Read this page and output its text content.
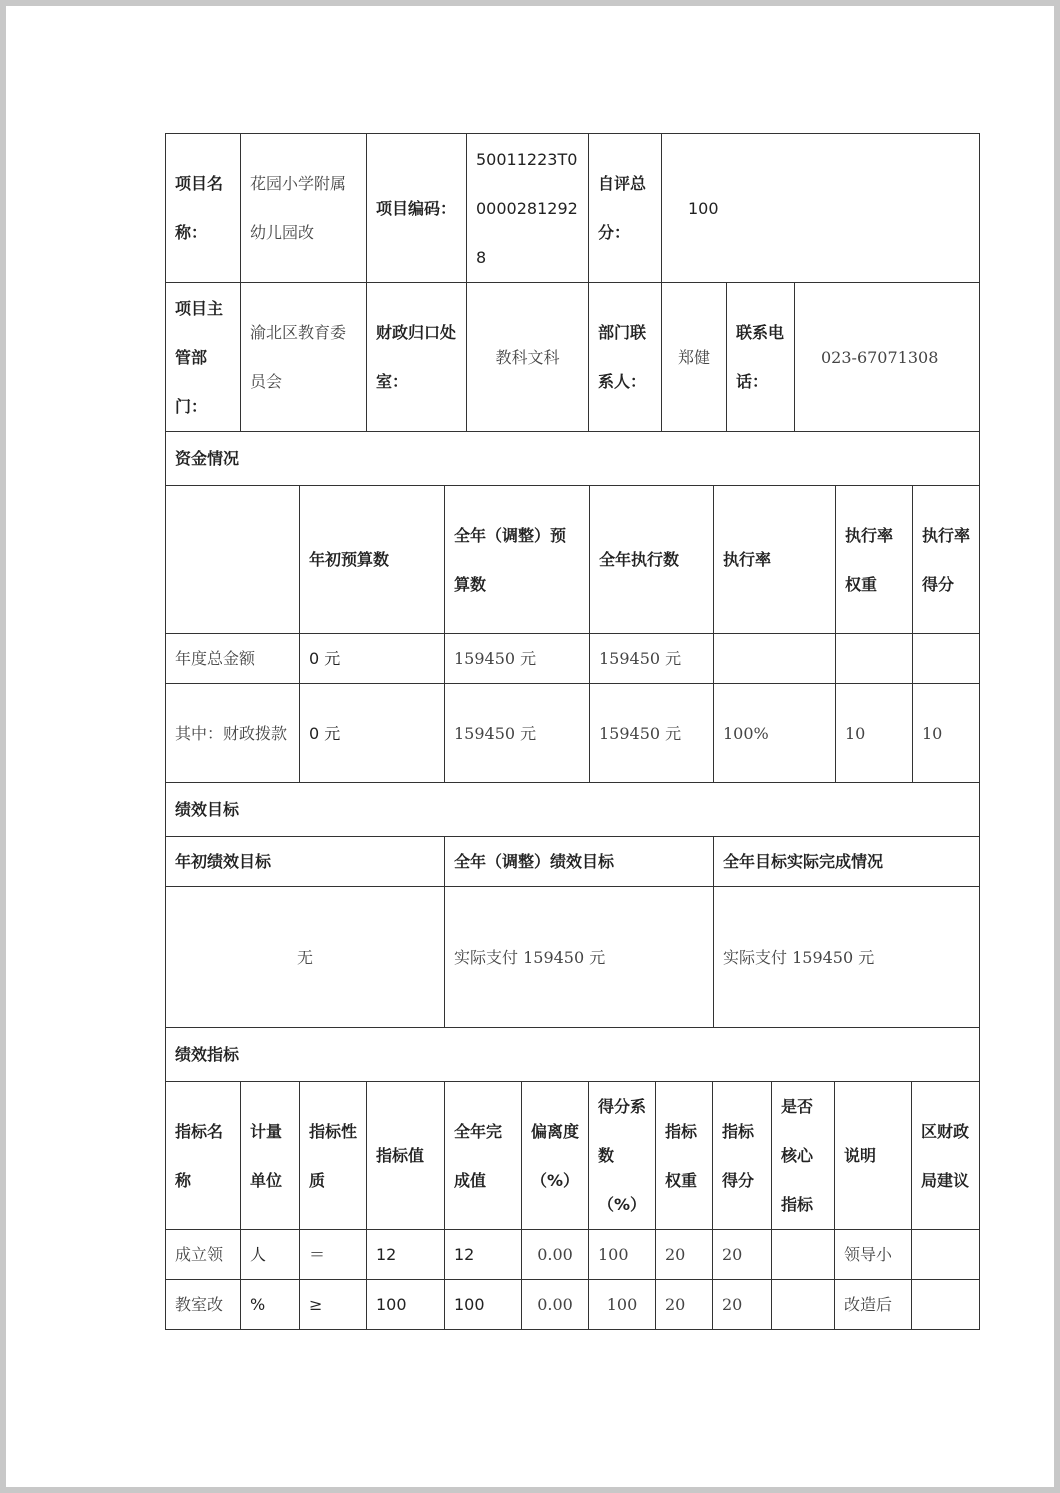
项目名称：	花园小学附属幼儿园改	项目编码：	50011223T000002812928	自评总分：	100		
项目主管部门：	渝北区教育委员会	财政归口处室：	教科文科	部门联系人：	郑健	联系电话：	023-67071308
资金情况						
	年初预算数	全年（调整）预算数	全年执行数	执行率	执行率权重	执行率得分
年度总金额	0 元	159450 元	159450 元			
其中：财政拨款	0 元	159450 元	159450 元	100%	10	10
绩效目标		
年初绩效目标	全年（调整）绩效目标	全年目标实际完成情况
无	实际支付 159450 元	实际支付 159450 元
绩效指标											
指标名称	计量单位	指标性质	指标值	全年完成值	偏离度（%）	得分系数（%）	指标权重	指标得分	是否核心指标	说明	区财政局建议
成立领	人	＝	12	12	0.00	100	20	20		领导小	
教室改	%	≥	100	100	0.00	100	20	20		改造后	
